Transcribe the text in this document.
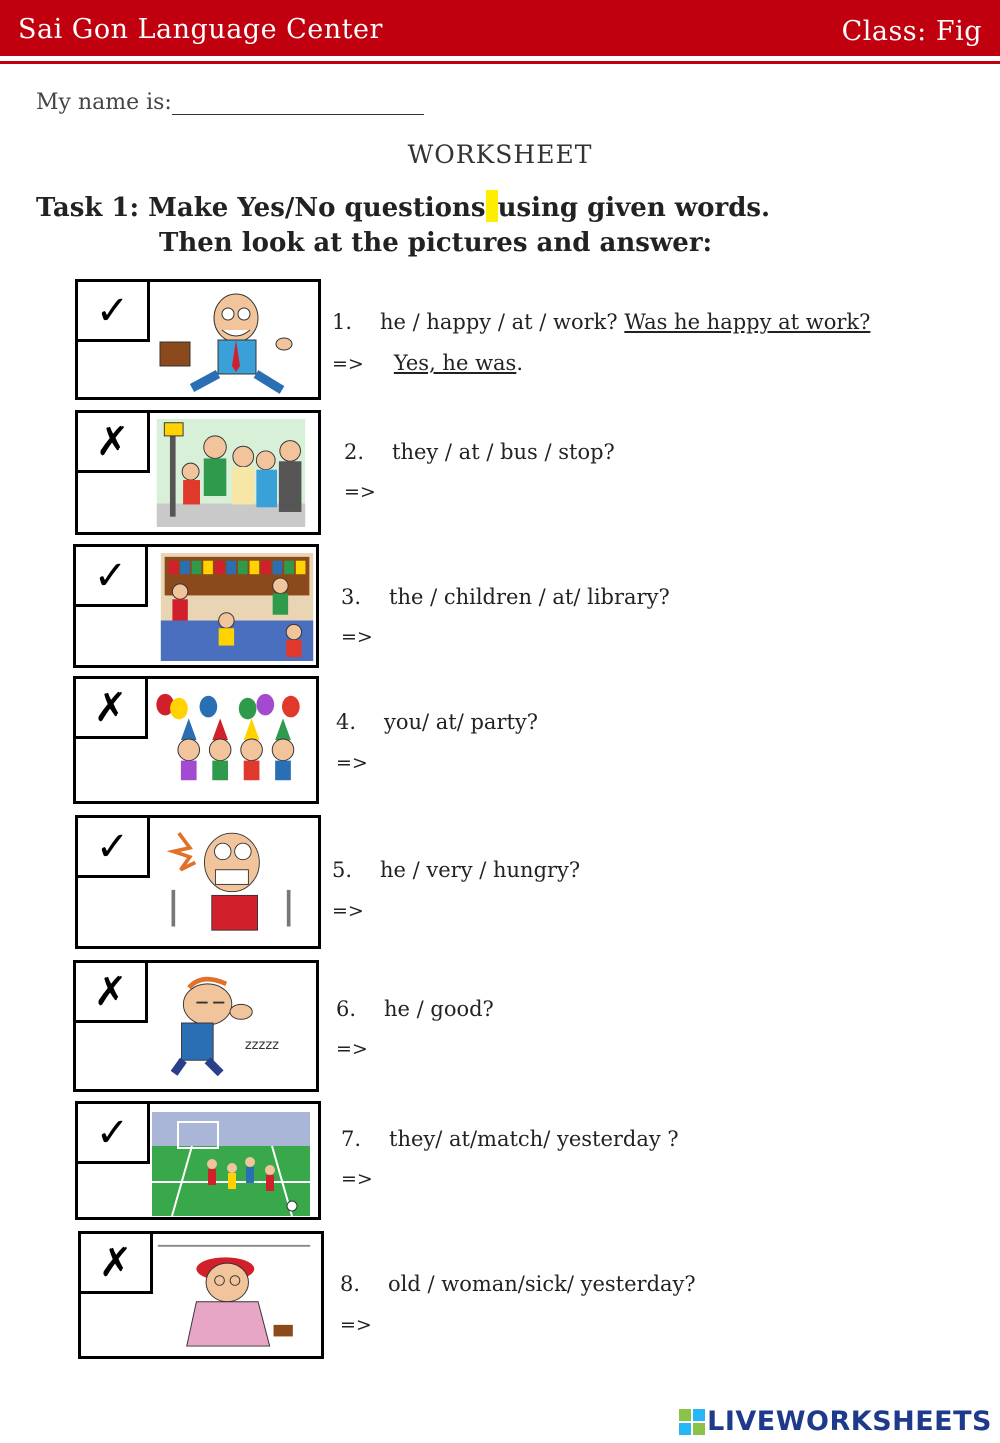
Sai Gon Language Center	Class: Fig
My name is:
WORKSHEET
Task 1: Make Yes/No questions using given words.
Then look at the pictures and answer:
✓	1. he / happy / at / work? Was he happy at work?
=> Yes, he was.
✗	2. they / at / bus / stop?
=>
✓	3. the / children / at/ library?
=>
✗	4. you/ at/ party?
=>
✓
5. he / very / hungry?
=>
✗
zzzzz
6. he / good?
=>
✓	7. they/ at/match/ yesterday ?
=>
✗	8. old / woman/sick/ yesterday?
=>
LIVEWORKSHEETS
